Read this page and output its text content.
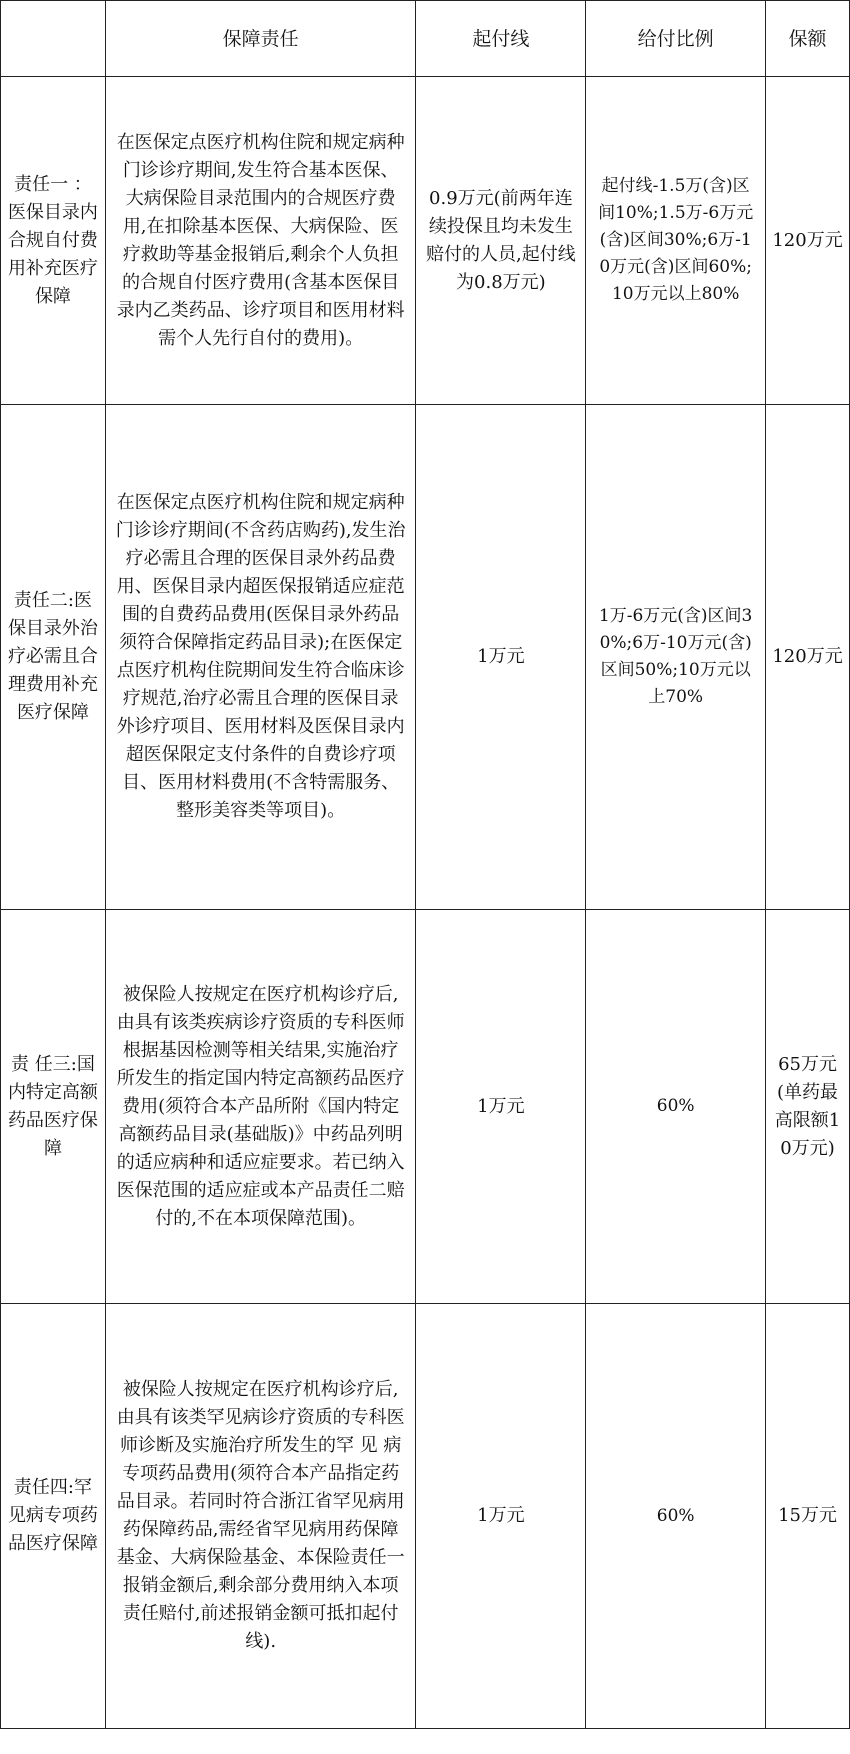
	保障责任	起付线	给付比例	保额
责任一 ：医保目录内合规自付费用补充医疗保障	在医保定点医疗机构住院和规定病种门诊诊疗期间,发生符合基本医保、大病保险目录范围内的合规医疗费用,在扣除基本医保、大病保险、医疗救助等基金报销后,剩余个人负担的合规自付医疗费用(含基本医保目录内乙类药品、诊疗项目和医用材料需个人先行自付的费用)。	0.9万元(前两年连续投保且均未发生赔付的人员,起付线为0.8万元)	起付线-1.5万(含)区间10%;1.5万-6万元(含)区间30%;6万-10万元(含)区间60%;10万元以上80%	120万元
责任二:医保目录外治疗必需且合理费用补充医疗保障	在医保定点医疗机构住院和规定病种门诊诊疗期间(不含药店购药),发生治疗必需且合理的医保目录外药品费用、医保目录内超医保报销适应症范围的自费药品费用(医保目录外药品须符合保障指定药品目录);在医保定点医疗机构住院期间发生符合临床诊疗规范,治疗必需且合理的医保目录外诊疗项目、医用材料及医保目录内超医保限定支付条件的自费诊疗项目、医用材料费用(不含特需服务、整形美容类等项目)。	1万元	1万-6万元(含)区间30%;6万-10万元(含)区间50%;10万元以上70%	120万元
责 任三:国内特定高额药品医疗保障	被保险人按规定在医疗机构诊疗后,由具有该类疾病诊疗资质的专科医师根据基因检测等相关结果,实施治疗所发生的指定国内特定高额药品医疗费用(须符合本产品所附《国内特定高额药品目录(基础版)》中药品列明的适应病种和适应症要求。若已纳入医保范围的适应症或本产品责任二赔付的,不在本项保障范围)。	1万元	60%	65万元(单药最高限额10万元)
责任四:罕见病专项药品医疗保障	被保险人按规定在医疗机构诊疗后,由具有该类罕见病诊疗资质的专科医师诊断及实施治疗所发生的罕 见 病专项药品费用(须符合本产品指定药品目录。若同时符合浙江省罕见病用药保障药品,需经省罕见病用药保障基金、大病保险基金、本保险责任一报销金额后,剩余部分费用纳入本项责任赔付,前述报销金额可抵扣起付线).	1万元	60%	15万元
